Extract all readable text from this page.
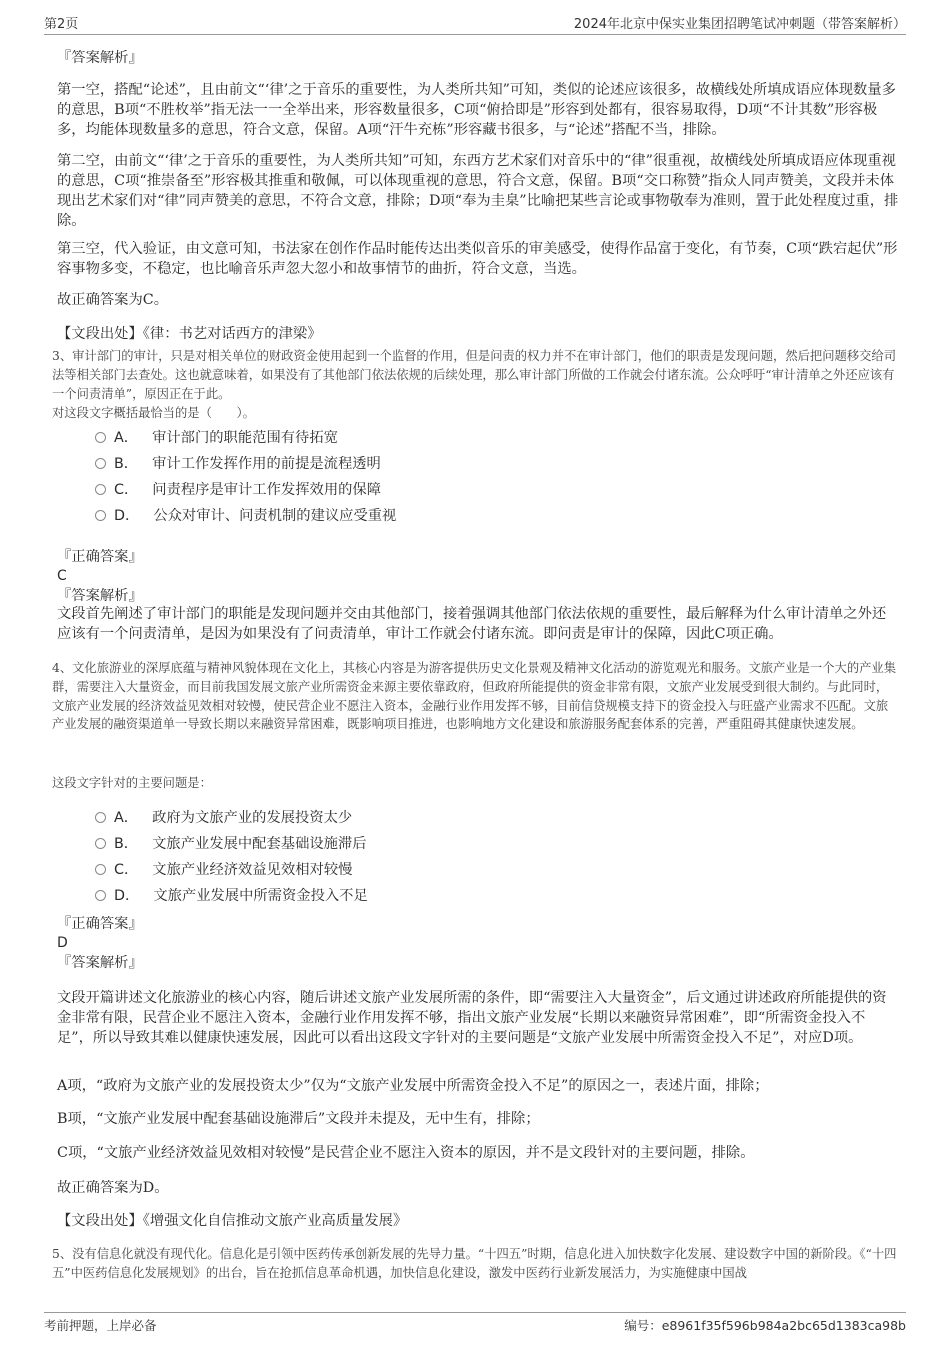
第2页	2024年北京中保实业集团招聘笔试冲刺题（带答案解析）
『答案解析』
第一空，搭配“论述”，且由前文“‘律’之于音乐的重要性，为人类所共知”可知，类似的论述应该很多，故横线处所填成语应体现数量多的意思，B项“不胜枚举”指无法一一全举出来，形容数量很多，C项“俯拾即是”形容到处都有，很容易取得，D项“不计其数”形容极多，均能体现数量多的意思，符合文意，保留。A项“汗牛充栋”形容藏书很多，与“论述”搭配不当，排除。
第二空，由前文“‘律’之于音乐的重要性，为人类所共知”可知，东西方艺术家们对音乐中的“律”很重视，故横线处所填成语应体现重视的意思，C项“推崇备至”形容极其推重和敬佩，可以体现重视的意思，符合文意，保留。B项“交口称赞”指众人同声赞美，文段并未体现出艺术家们对“律”同声赞美的意思，不符合文意，排除；D项“奉为圭臬”比喻把某些言论或事物敬奉为准则，置于此处程度过重，排除。
第三空，代入验证，由文意可知，书法家在创作作品时能传达出类似音乐的审美感受，使得作品富于变化，有节奏，C项“跌宕起伏”形容事物多变，不稳定，也比喻音乐声忽大忽小和故事情节的曲折，符合文意，当选。
故正确答案为C。
【文段出处】《律：书艺对话西方的津梁》
3、审计部门的审计，只是对相关单位的财政资金使用起到一个监督的作用，但是问责的权力并不在审计部门，他们的职责是发现问题，然后把问题移交给司法等相关部门去查处。这也就意味着，如果没有了其他部门依法依规的后续处理，那么审计部门所做的工作就会付诸东流。公众呼吁“审计清单之外还应该有一个问责清单”，原因正在于此。
对这段文字概括最恰当的是（　　）。
A． 审计部门的职能范围有待拓宽
B． 审计工作发挥作用的前提是流程透明
C． 问责程序是审计工作发挥效用的保障
D． 公众对审计、问责机制的建议应受重视
『正确答案』
C
『答案解析』
文段首先阐述了审计部门的职能是发现问题并交由其他部门，接着强调其他部门依法依规的重要性，最后解释为什么审计清单之外还应该有一个问责清单，是因为如果没有了问责清单，审计工作就会付诸东流。即问责是审计的保障，因此C项正确。
4、文化旅游业的深厚底蕴与精神风貌体现在文化上，其核心内容是为游客提供历史文化景观及精神文化活动的游览观光和服务。文旅产业是一个大的产业集群，需要注入大量资金，而目前我国发展文旅产业所需资金来源主要依靠政府，但政府所能提供的资金非常有限，文旅产业发展受到很大制约。与此同时，文旅产业发展的经济效益见效相对较慢，使民营企业不愿注入资本，金融行业作用发挥不够，目前信贷规模支持下的资金投入与旺盛产业需求不匹配。文旅产业发展的融资渠道单一导致长期以来融资异常困难，既影响项目推进，也影响地方文化建设和旅游服务配套体系的完善，严重阻碍其健康快速发展。
这段文字针对的主要问题是：
A． 政府为文旅产业的发展投资太少
B． 文旅产业发展中配套基础设施滞后
C． 文旅产业经济效益见效相对较慢
D． 文旅产业发展中所需资金投入不足
『正确答案』
D
『答案解析』
文段开篇讲述文化旅游业的核心内容，随后讲述文旅产业发展所需的条件，即“需要注入大量资金”，后文通过讲述政府所能提供的资金非常有限，民营企业不愿注入资本，金融行业作用发挥不够，指出文旅产业发展“长期以来融资异常困难”，即“所需资金投入不足”，所以导致其难以健康快速发展，因此可以看出这段文字针对的主要问题是“文旅产业发展中所需资金投入不足”，对应D项。
A项，“政府为文旅产业的发展投资太少”仅为“文旅产业发展中所需资金投入不足”的原因之一，表述片面，排除；
B项，“文旅产业发展中配套基础设施滞后”文段并未提及，无中生有，排除；
C项，“文旅产业经济效益见效相对较慢”是民营企业不愿注入资本的原因，并不是文段针对的主要问题，排除。
故正确答案为D。
【文段出处】《增强文化自信推动文旅产业高质量发展》
5、没有信息化就没有现代化。信息化是引领中医药传承创新发展的先导力量。“十四五”时期，信息化进入加快数字化发展、建设数字中国的新阶段。《“十四五”中医药信息化发展规划》的出台，旨在抢抓信息革命机遇，加快信息化建设，激发中医药行业新发展活力，为实施健康中国战
考前押题，上岸必备	编号：e8961f35f596b984a2bc65d1383ca98b
